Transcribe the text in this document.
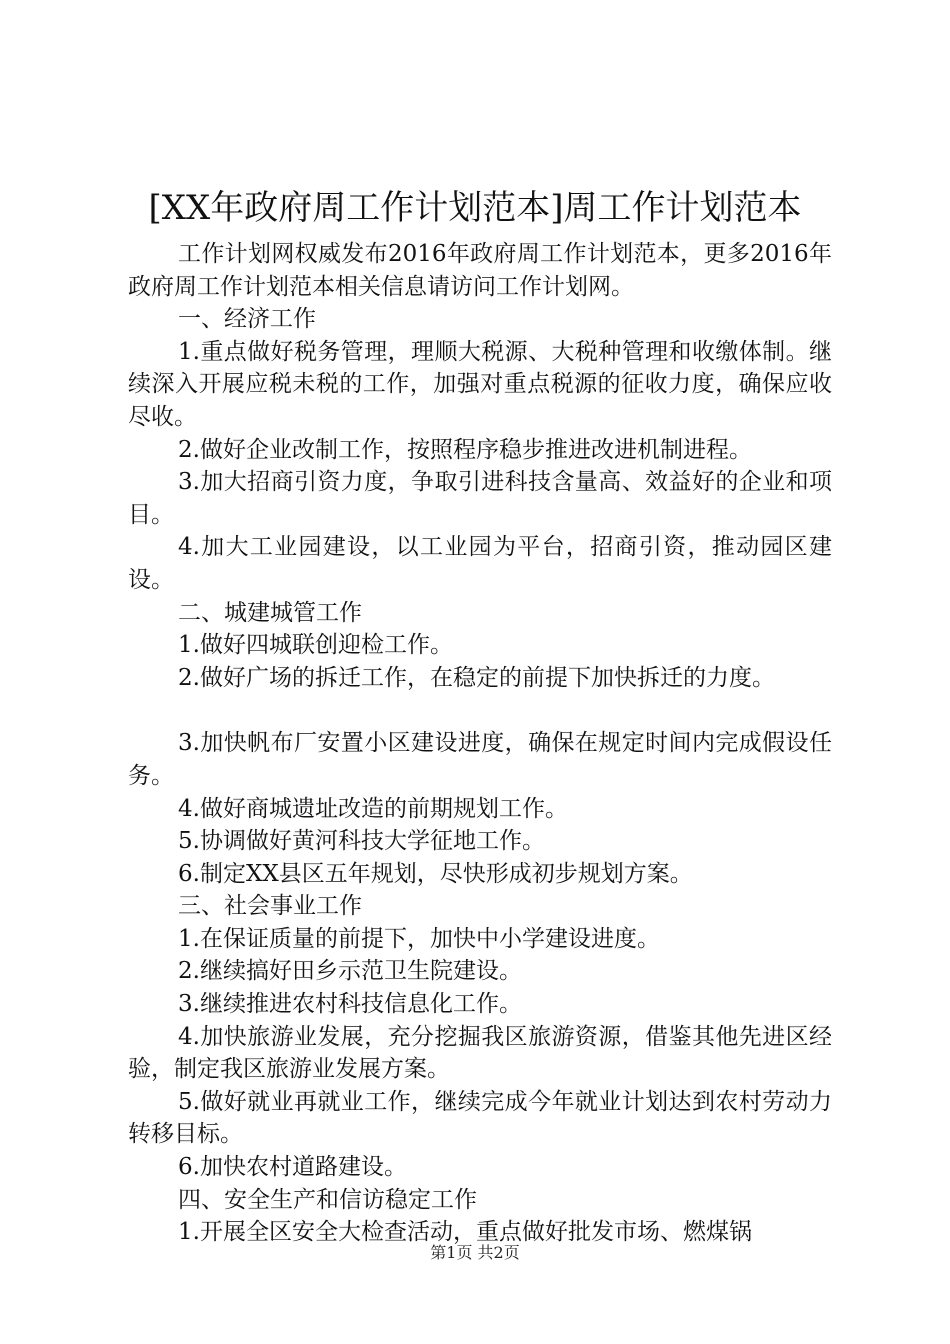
[XX年政府周工作计划范本]周工作计划范本

工作计划网权威发布2016年政府周工作计划范本，更多2016年政府周工作计划范本相关信息请访问工作计划网。

一、经济工作

1.重点做好税务管理，理顺大税源、大税种管理和收缴体制。继续深入开展应税未税的工作，加强对重点税源的征收力度，确保应收尽收。

2.做好企业改制工作，按照程序稳步推进改进机制进程。

3.加大招商引资力度，争取引进科技含量高、效益好的企业和项目。

4.加大工业园建设，以工业园为平台，招商引资，推动园区建设。

二、城建城管工作

1.做好四城联创迎检工作。

2.做好广场的拆迁工作，在稳定的前提下加快拆迁的力度。

3.加快帆布厂安置小区建设进度，确保在规定时间内完成假设任务。

4.做好商城遗址改造的前期规划工作。

5.协调做好黄河科技大学征地工作。

6.制定XX县区五年规划，尽快形成初步规划方案。

三、社会事业工作

1.在保证质量的前提下，加快中小学建设进度。

2.继续搞好田乡示范卫生院建设。

3.继续推进农村科技信息化工作。

4.加快旅游业发展，充分挖掘我区旅游资源，借鉴其他先进区经验，制定我区旅游业发展方案。

5.做好就业再就业工作，继续完成今年就业计划达到农村劳动力转移目标。

6.加快农村道路建设。

四、安全生产和信访稳定工作

1.开展全区安全大检查活动，重点做好批发市场、燃煤锅

第1页 共2页
